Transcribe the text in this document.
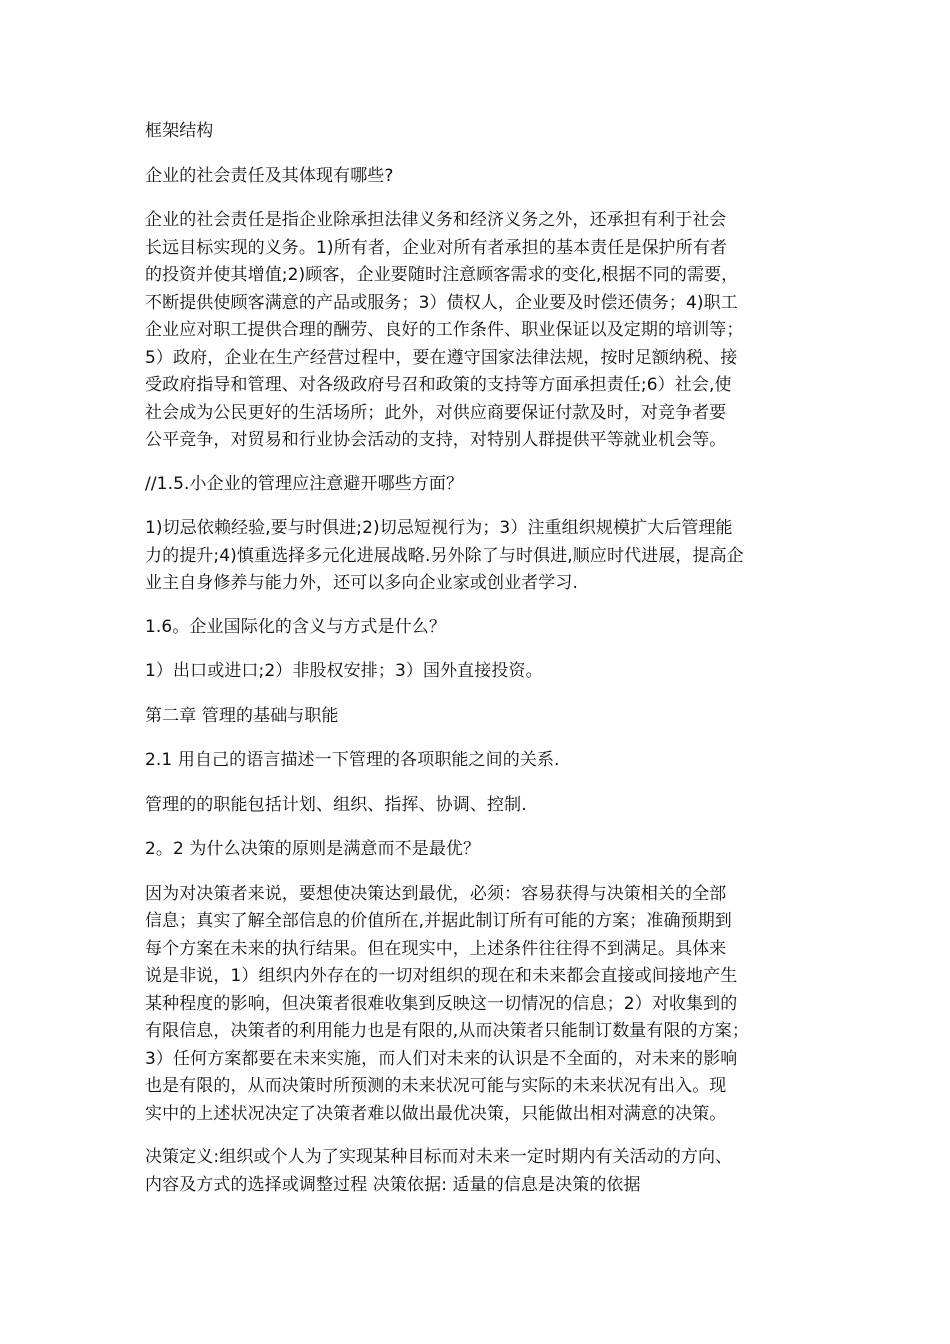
框架结构

企业的社会责任及其体现有哪些?

企业的社会责任是指企业除承担法律义务和经济义务之外，还承担有利于社会
长远目标实现的义务。1)所有者，企业对所有者承担的基本责任是保护所有者
的投资并使其增值;2)顾客，企业要随时注意顾客需求的变化,根据不同的需要，
不断提供使顾客满意的产品或服务；3）债权人，企业要及时偿还债务；4)职工
企业应对职工提供合理的酬劳、良好的工作条件、职业保证以及定期的培训等；
5）政府，企业在生产经营过程中，要在遵守国家法律法规，按时足额纳税、接
受政府指导和管理、对各级政府号召和政策的支持等方面承担责任;6）社会,使
社会成为公民更好的生活场所；此外，对供应商要保证付款及时，对竞争者要
公平竞争，对贸易和行业协会活动的支持，对特别人群提供平等就业机会等。

//1.5.小企业的管理应注意避开哪些方面？

1)切忌依赖经验,要与时俱进;2)切忌短视行为；3）注重组织规模扩大后管理能
力的提升;4)慎重选择多元化进展战略.另外除了与时俱进,顺应时代进展，提高企
业主自身修养与能力外，还可以多向企业家或创业者学习.

1.6。企业国际化的含义与方式是什么？

1）出口或进口;2）非股权安排；3）国外直接投资。

第二章 管理的基础与职能

2.1 用自己的语言描述一下管理的各项职能之间的关系.

管理的的职能包括计划、组织、指挥、协调、控制.

2。2 为什么决策的原则是满意而不是最优？

因为对决策者来说，要想使决策达到最优，必须：容易获得与决策相关的全部
信息；真实了解全部信息的价值所在,并据此制订所有可能的方案；准确预期到
每个方案在未来的执行结果。但在现实中，上述条件往往得不到满足。具体来
说是非说，1）组织内外存在的一切对组织的现在和未来都会直接或间接地产生
某种程度的影响，但决策者很难收集到反映这一切情况的信息；2）对收集到的
有限信息，决策者的利用能力也是有限的,从而决策者只能制订数量有限的方案；
3）任何方案都要在未来实施，而人们对未来的认识是不全面的，对未来的影响
也是有限的，从而决策时所预测的未来状况可能与实际的未来状况有出入。现
实中的上述状况决定了决策者难以做出最优决策，只能做出相对满意的决策。

决策定义:组织或个人为了实现某种目标而对未来一定时期内有关活动的方向、
内容及方式的选择或调整过程 决策依据: 适量的信息是决策的依据
